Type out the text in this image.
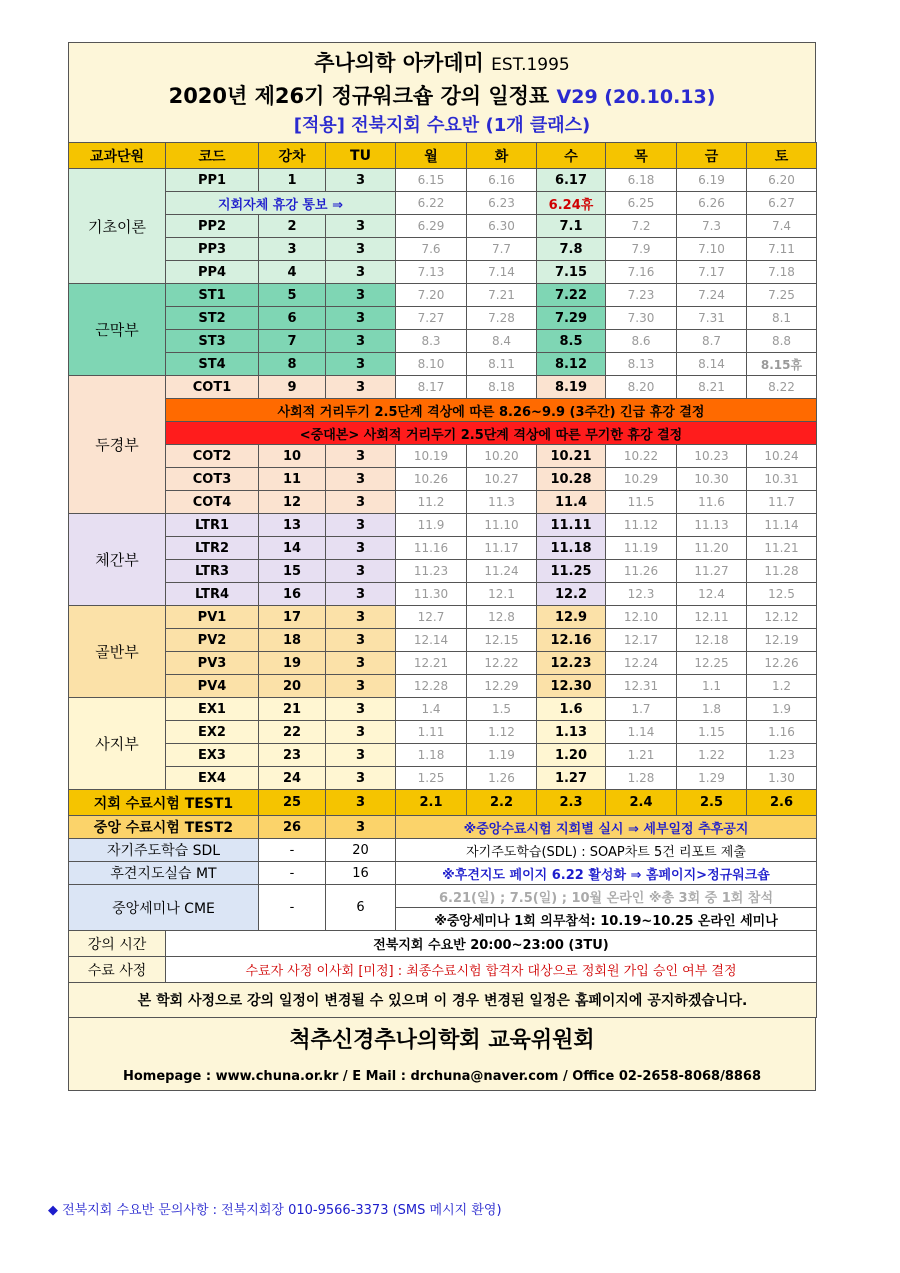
추나의학 아카데미 EST.1995
2020년 제26기 정규워크숍 강의 일정표 V29 (20.10.13)
[적용] 전북지회 수요반 (1개 클래스)
교과단원	코드	강차	TU	월	화	수	목	금	토
기초이론	PP1	1	3	6.15	6.16	6.17	6.18	6.19	6.20
	지회자체 휴강 통보 ⇒			6.22	6.23	6.24휴	6.25	6.26	6.27
	PP2	2	3	6.29	6.30	7.1	7.2	7.3	7.4
	PP3	3	3	7.6	7.7	7.8	7.9	7.10	7.11
	PP4	4	3	7.13	7.14	7.15	7.16	7.17	7.18
근막부	ST1	5	3	7.20	7.21	7.22	7.23	7.24	7.25
	ST2	6	3	7.27	7.28	7.29	7.30	7.31	8.1
	ST3	7	3	8.3	8.4	8.5	8.6	8.7	8.8
	ST4	8	3	8.10	8.11	8.12	8.13	8.14	8.15휴
두경부	COT1	9	3	8.17	8.18	8.19	8.20	8.21	8.22
	사회적 거리두기 2.5단계 격상에 따른 8.26~9.9 (3주간) 긴급 휴강 결정								
	<중대본> 사회적 거리두기 2.5단계 격상에 따른 무기한 휴강 결정								
	COT2	10	3	10.19	10.20	10.21	10.22	10.23	10.24
	COT3	11	3	10.26	10.27	10.28	10.29	10.30	10.31
	COT4	12	3	11.2	11.3	11.4	11.5	11.6	11.7
체간부	LTR1	13	3	11.9	11.10	11.11	11.12	11.13	11.14
	LTR2	14	3	11.16	11.17	11.18	11.19	11.20	11.21
	LTR3	15	3	11.23	11.24	11.25	11.26	11.27	11.28
	LTR4	16	3	11.30	12.1	12.2	12.3	12.4	12.5
골반부	PV1	17	3	12.7	12.8	12.9	12.10	12.11	12.12
	PV2	18	3	12.14	12.15	12.16	12.17	12.18	12.19
	PV3	19	3	12.21	12.22	12.23	12.24	12.25	12.26
	PV4	20	3	12.28	12.29	12.30	12.31	1.1	1.2
사지부	EX1	21	3	1.4	1.5	1.6	1.7	1.8	1.9
	EX2	22	3	1.11	1.12	1.13	1.14	1.15	1.16
	EX3	23	3	1.18	1.19	1.20	1.21	1.22	1.23
	EX4	24	3	1.25	1.26	1.27	1.28	1.29	1.30
지회 수료시험 TEST1		25	3	2.1	2.2	2.3	2.4	2.5	2.6
중앙 수료시험 TEST2		26	3	※중앙수료시험 지회별 실시 ⇒ 세부일정 추후공지					
자기주도학습 SDL		-	20	자기주도학습(SDL) : SOAP차트 5건 리포트 제출					
후견지도실습 MT		-	16	※후견지도 페이지 6.22 활성화 ⇒ 홈페이지>정규워크숍					
중앙세미나 CME		-	6	6.21(일) ; 7.5(일) ; 10월 온라인 ※총 3회 중 1회 참석					
				※중앙세미나 1회 의무참석: 10.19~10.25 온라인 세미나					
강의 시간	전북지회 수요반 20:00~23:00 (3TU)								
수료 사정	수료자 사정 이사회 [미정] : 최종수료시험 합격자 대상으로 정회원 가입 승인 여부 결정								
본 학회 사정으로 강의 일정이 변경될 수 있으며 이 경우 변경된 일정은 홈페이지에 공지하겠습니다.									
척추신경추나의학회 교육위원회
Homepage : www.chuna.or.kr / E Mail : drchuna@naver.com / Office 02-2658-8068/8868
◆ 전북지회 수요반 문의사항 : 전북지회장 010-9566-3373 (SMS 메시지 환영)
